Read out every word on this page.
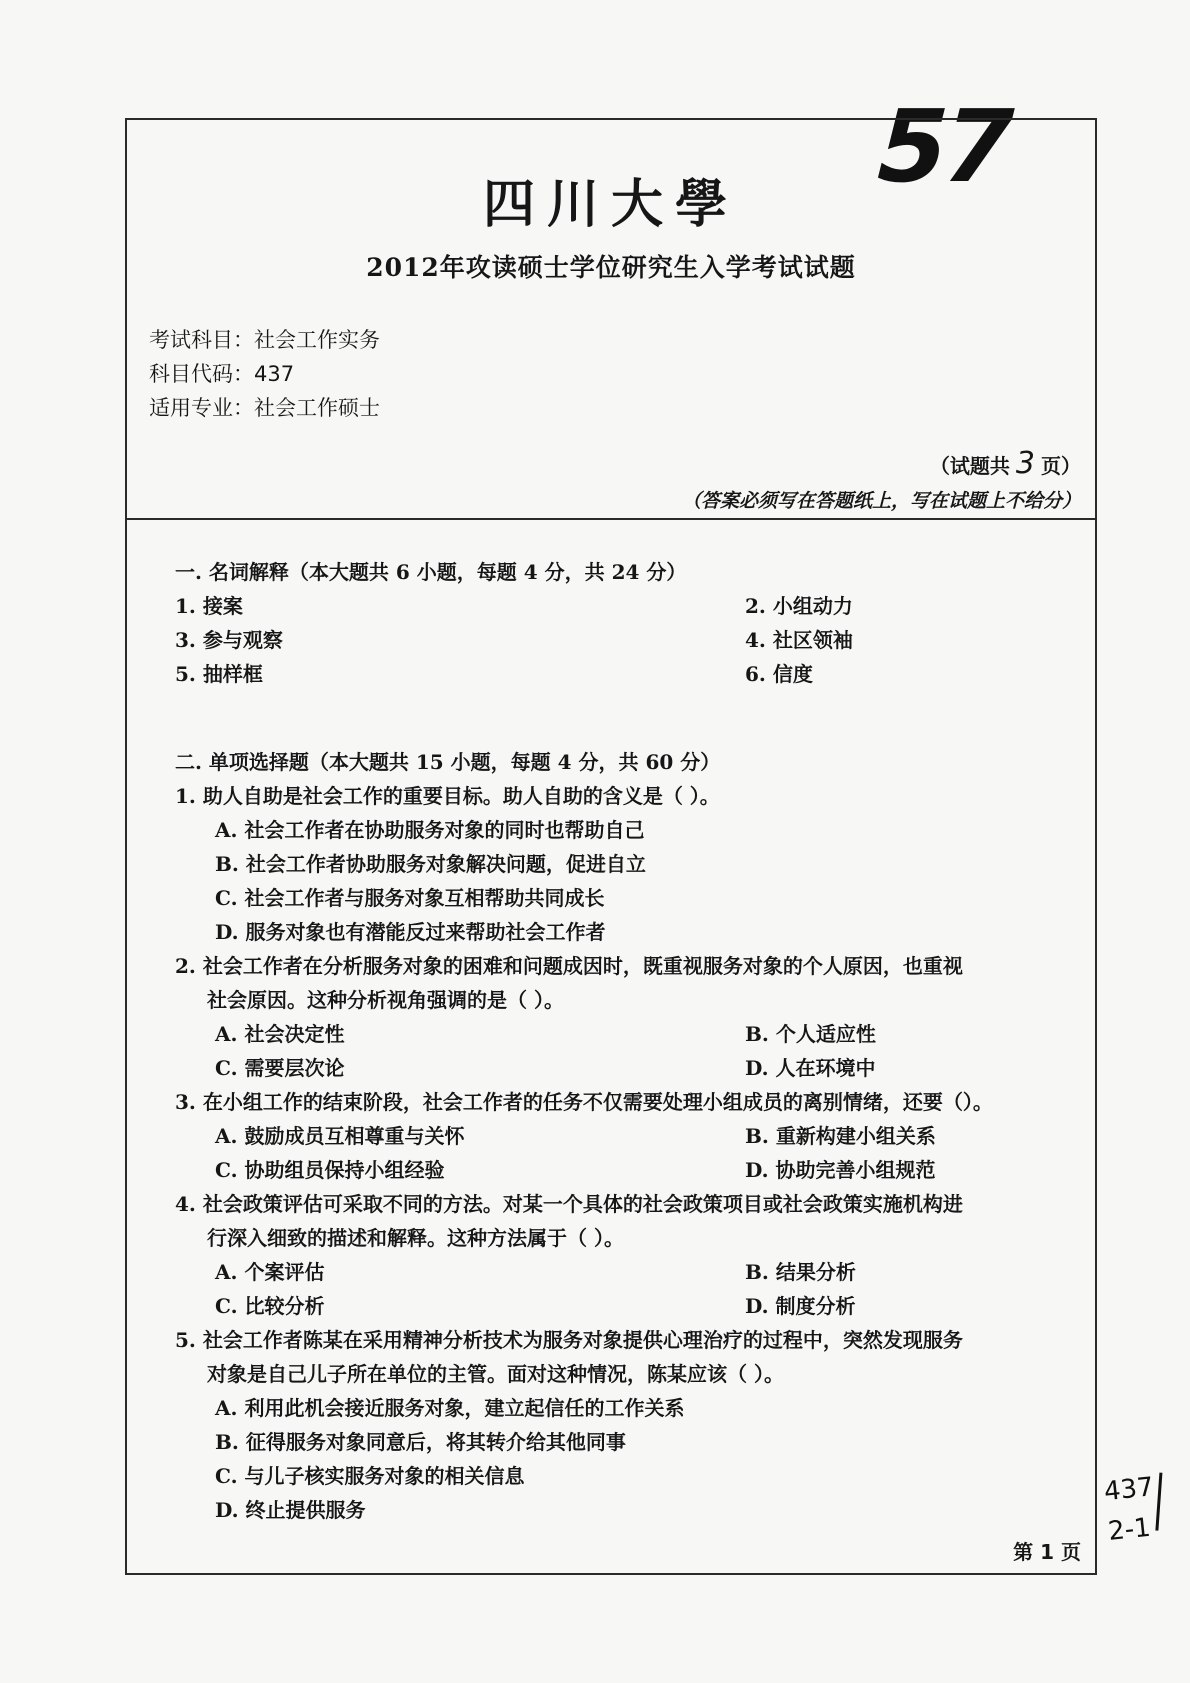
57
437
2-1
四川大學
2012年攻读硕士学位研究生入学考试试题
考试科目：社会工作实务
科目代码：437
适用专业：社会工作硕士
（试题共 3 页）
（答案必须写在答题纸上，写在试题上不给分）
一. 名词解释（本大题共 6 小题，每题 4 分，共 24 分）
1. 接案	2. 小组动力
3. 参与观察	4. 社区领袖
5. 抽样框	6. 信度
二. 单项选择题（本大题共 15 小题，每题 4 分，共 60 分）
1. 助人自助是社会工作的重要目标。助人自助的含义是（ ）。
A. 社会工作者在协助服务对象的同时也帮助自己
B. 社会工作者协助服务对象解决问题，促进自立
C. 社会工作者与服务对象互相帮助共同成长
D. 服务对象也有潜能反过来帮助社会工作者
2. 社会工作者在分析服务对象的困难和问题成因时，既重视服务对象的个人原因，也重视
社会原因。这种分析视角强调的是（ ）。
A. 社会决定性	B. 个人适应性
C. 需要层次论	D. 人在环境中
3. 在小组工作的结束阶段，社会工作者的任务不仅需要处理小组成员的离别情绪，还要（）。
A. 鼓励成员互相尊重与关怀	B. 重新构建小组关系
C. 协助组员保持小组经验	D. 协助完善小组规范
4. 社会政策评估可采取不同的方法。对某一个具体的社会政策项目或社会政策实施机构进
行深入细致的描述和解释。这种方法属于（ ）。
A. 个案评估	B. 结果分析
C. 比较分析	D. 制度分析
5. 社会工作者陈某在采用精神分析技术为服务对象提供心理治疗的过程中，突然发现服务
对象是自己儿子所在单位的主管。面对这种情况，陈某应该（ ）。
A. 利用此机会接近服务对象，建立起信任的工作关系
B. 征得服务对象同意后，将其转介给其他同事
C. 与儿子核实服务对象的相关信息
D. 终止提供服务
第 1 页
